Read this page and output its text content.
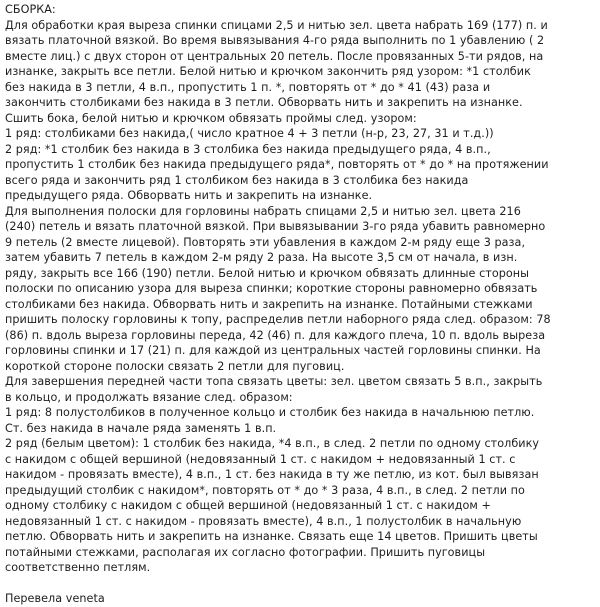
СБОРКА:
Для обработки края выреза спинки спицами 2,5 и нитью зел. цвета набрать 169 (177) п. и
вязать платочной вязкой. Во время вывязывания 4-го ряда выполнить по 1 убавлению ( 2
вместе лиц.) с двух сторон от центральных 20 петель. После провязанных 5-ти рядов, на
изнанке, закрыть все петли. Белой нитью и крючком закончить ряд узором: *1 столбик
без накида в 3 петли, 4 в.п., пропустить 1 п. *, повторять от * до * 41 (43) раза и
закончить столбиками без накида в 3 петли. Обворвать нить и закрепить на изнанке.
Сшить бока, белой нитью и крючком обвязать проймы след. узором:
1 ряд: столбиками без накида,( число кратное 4 + 3 петли (н-р, 23, 27, 31 и т.д.))
2 ряд: *1 столбик без накида в 3 столбика без накида предыдущего ряда, 4 в.п.,
пропустить 1 столбик без накида предыдущего ряда*, повторять от * до * на протяжении
всего ряда и закончить ряд 1 столбиком без накида в 3 столбика без накида
предыдущего ряда. Обворвать нить и закрепить на изнанке.
Для выполнения полоски для горловины набрать спицами 2,5 и нитью зел. цвета 216
(240) петель и вязать платочной вязкой. При вывязывании 3-го ряда убавить равномерно
9 петель (2 вместе лицевой). Повторять эти убавления в каждом 2-м ряду еще 3 раза,
затем убавить 7 петель в каждом 2-м ряду 2 раза. На высоте 3,5 см от начала, в изн.
ряду, закрыть все 166 (190) петли. Белой нитью и крючком обвязать длинные стороны
полоски по описанию узора для выреза спинки; короткие стороны равномерно обвязать
столбиками без накида. Обворвать нить и закрепить на изнанке. Потайными стежками
пришить полоску горловины к топу, распределив петли наборного ряда след. образом: 78
(86) п. вдоль выреза горловины переда, 42 (46) п. для каждого плеча, 10 п. вдоль выреза
горловины спинки и 17 (21) п. для каждой из центральных частей горловины спинки. На
короткой стороне полоски связать 2 петли для пуговиц.
Для завершения передней части топа связать цветы: зел. цветом связать 5 в.п., закрыть
в кольцо, и продолжать вязание след. образом:
1 ряд: 8 полустолбиков в полученное кольцо и столбик без накида в начальнюю петлю.
Ст. без накида в начале ряда заменять 1 в.п.
2 ряд (белым цветом): 1 столбик без накида, *4 в.п., в след. 2 петли по одному столбику
с накидом с общей вершиной (недовязанный 1 ст. с накидом + недовязанный 1 ст. с
накидом - провязать вместе), 4 в.п., 1 ст. без накида в ту же петлю, из кот. был вывязан
предыдущий столбик с накидом*, повторять от * до * 3 раза, 4 в.п., в след. 2 петли по
одному столбику с накидом с общей вершиной (недовязанный 1 ст. с накидом +
недовязанный 1 ст. с накидом - провязать вместе), 4 в.п., 1 полустолбик в начальную
петлю. Обворвать нить и закрепить на изнанке. Связать еще 14 цветов. Пришить цветы
потайными стежками, располагая их согласно фотографии. Пришить пуговицы
соответственно петлям.
Перевела veneta
